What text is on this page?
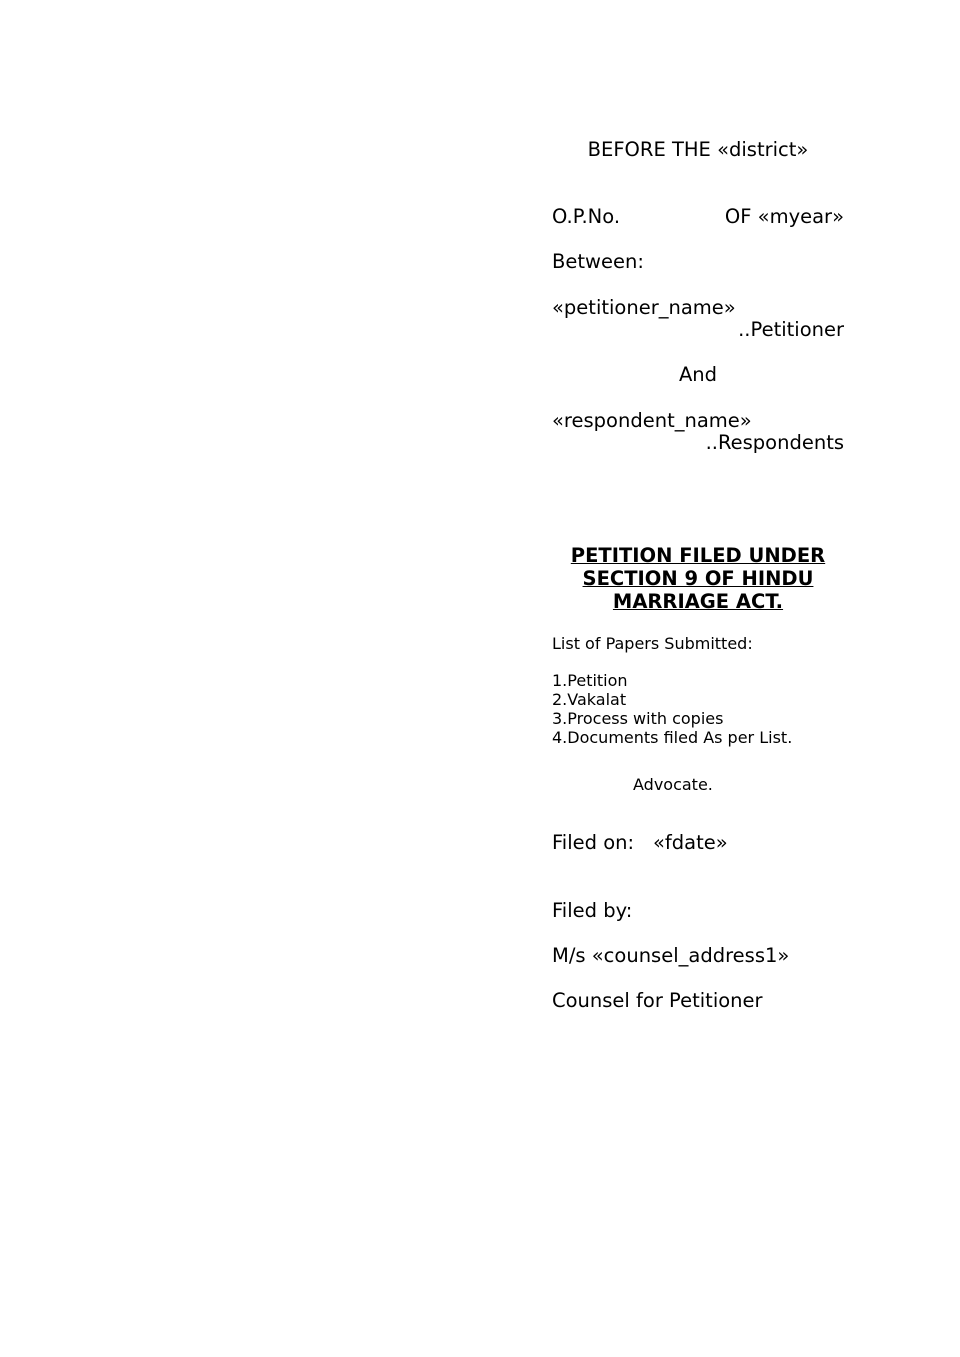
BEFORE THE «district»
O.P.No.	OF «myear»
Between:
«petitioner_name»
..Petitioner
And
«respondent_name»
..Respondents
PETITION FILED UNDER
SECTION 9 OF HINDU
MARRIAGE ACT.
List of Papers Submitted:
1.Petition
2.Vakalat
3.Process with copies
4.Documents filed As per List.
Advocate.
Filed on: «fdate»
Filed by:
M/s «counsel_address1»
Counsel for Petitioner
